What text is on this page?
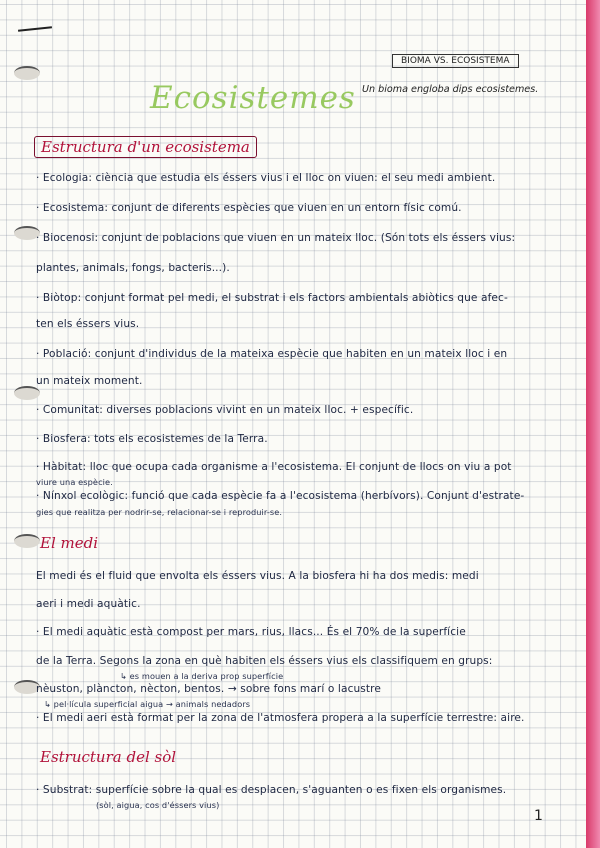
BIOMA VS. ECOSISTEMA
Ecosistemes Un bioma engloba dips ecosistemes.
Estructura d'un ecosistema
· Ecologia: ciència que estudia els éssers vius i el lloc on viuen: el seu medi ambient.
· Ecosistema: conjunt de diferents espècies que viuen en un entorn físic comú.
· Biocenosi: conjunt de poblacions que viuen en un mateix lloc. (Són tots els éssers vius:
plantes, animals, fongs, bacteris...).
· Biòtop: conjunt format pel medi, el substrat i els factors ambientals abiòtics que afec-
ten els éssers vius.
· Població: conjunt d'individus de la mateixa espècie que habiten en un mateix lloc i en
un mateix moment.
· Comunitat: diverses poblacions vivint en un mateix lloc. + específic.
· Biosfera: tots els ecosistemes de la Terra.
· Hàbitat: lloc que ocupa cada organisme a l'ecosistema. El conjunt de llocs on viu a pot
viure una espècie.
· Nínxol ecològic: funció que cada espècie fa a l'ecosistema (herbívors). Conjunt d'estrate-
gies que realitza per nodrir-se, relacionar-se i reproduir-se.
El medi
El medi és el fluid que envolta els éssers vius. A la biosfera hi ha dos medis: medi
aeri i medi aquàtic.
· El medi aquàtic està compost per mars, rius, llacs... És el 70% de la superfície
de la Terra. Segons la zona en què habiten els éssers vius els classifiquem en grups:
↳ es mouen a la deriva prop superfície
nèuston, plàncton, nècton, bentos. → sobre fons marí o lacustre
↳ pel·lícula superficial aigua → animals nedadors
· El medi aeri està format per la zona de l'atmosfera propera a la superfície terrestre: aire.
Estructura del sòl
· Substrat: superfície sobre la qual es desplacen, s'aguanten o es fixen els organismes.
(sòl, aigua, cos d'éssers vius)
1
